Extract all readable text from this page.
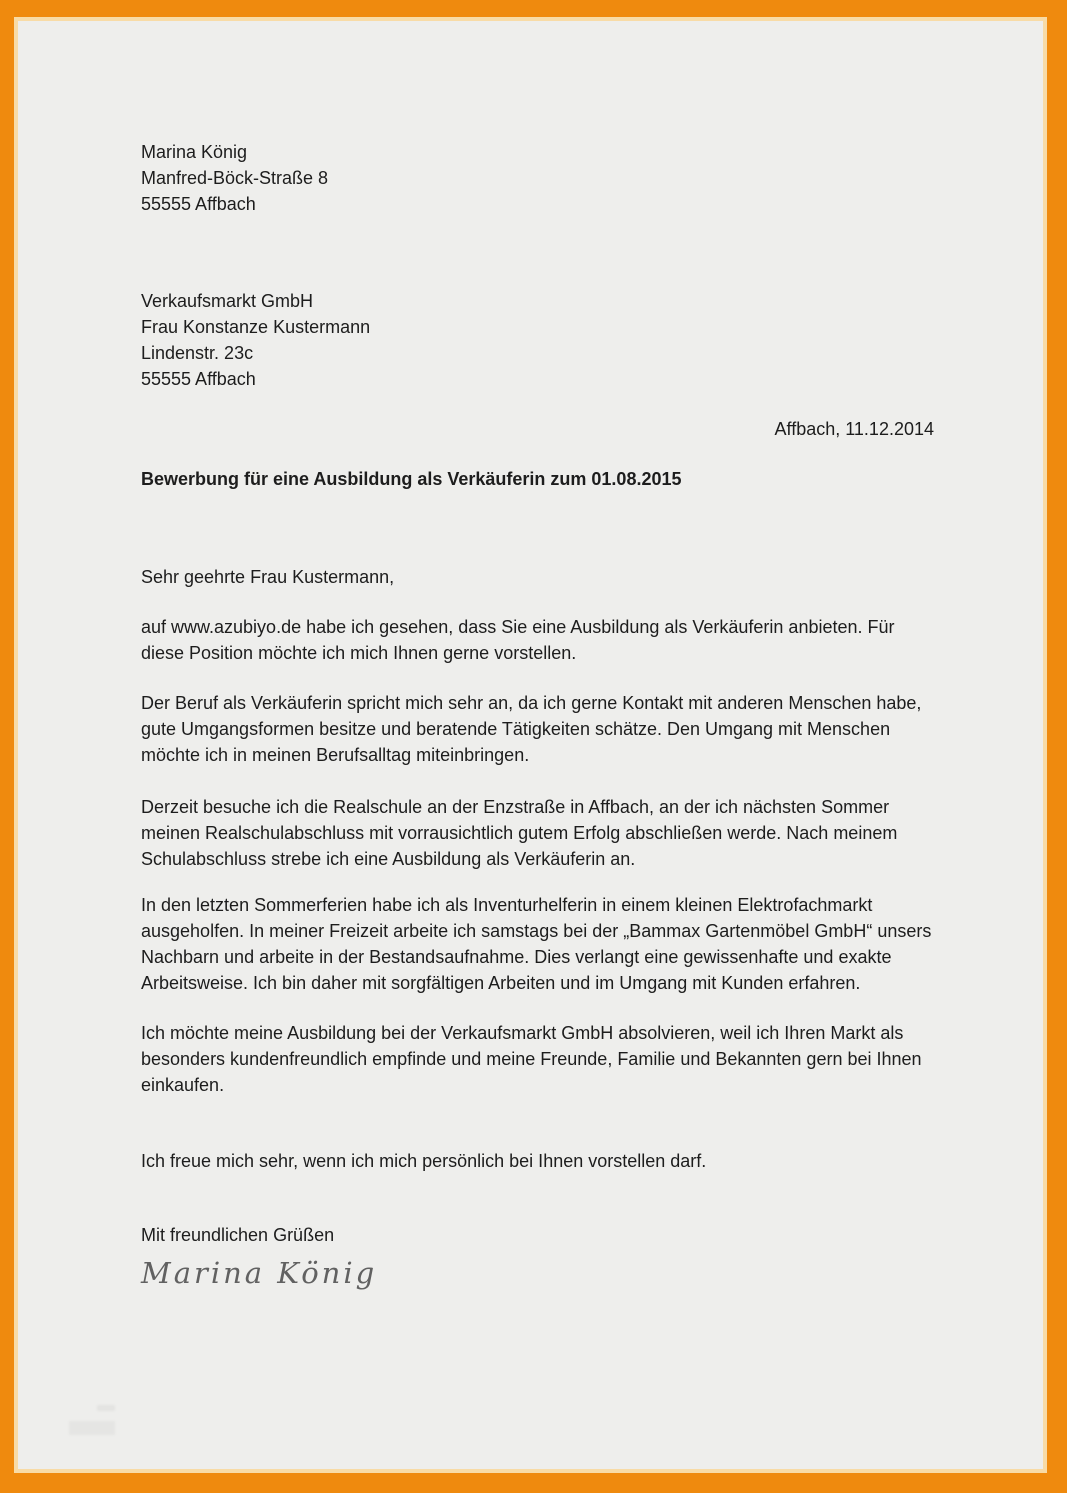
Marina König
Manfred-Böck-Straße 8
55555 Affbach
Verkaufsmarkt GmbH
Frau Konstanze Kustermann
Lindenstr. 23c
55555 Affbach
Affbach, 11.12.2014
Bewerbung für eine Ausbildung als Verkäuferin zum 01.08.2015
Sehr geehrte Frau Kustermann,

auf www.azubiyo.de habe ich gesehen, dass Sie eine Ausbildung als Verkäuferin anbieten. Für diese Position möchte ich mich Ihnen gerne vorstellen.

Der Beruf als Verkäuferin spricht mich sehr an, da ich gerne Kontakt mit anderen Menschen habe, gute Umgangsformen besitze und beratende Tätigkeiten schätze. Den Umgang mit Menschen möchte ich in meinen Berufsalltag miteinbringen.

Derzeit besuche ich die Realschule an der Enzstraße in Affbach, an der ich nächsten Sommer meinen Realschulabschluss mit vorrausichtlich gutem Erfolg abschließen werde. Nach meinem Schulabschluss strebe ich eine Ausbildung als Verkäuferin an.

In den letzten Sommerferien habe ich als Inventurhelferin in einem kleinen Elektrofachmarkt ausgeholfen. In meiner Freizeit arbeite ich samstags bei der „Bammax Gartenmöbel GmbH“ unsers Nachbarn und arbeite in der Bestandsaufnahme. Dies verlangt eine gewissenhafte und exakte Arbeitsweise. Ich bin daher mit sorgfältigen Arbeiten und im Umgang mit Kunden erfahren.

Ich möchte meine Ausbildung bei der Verkaufsmarkt GmbH absolvieren, weil ich Ihren Markt als besonders kundenfreundlich empfinde und meine Freunde, Familie und Bekannten gern bei Ihnen einkaufen.

Ich freue mich sehr, wenn ich mich persönlich bei Ihnen vorstellen darf.

Mit freundlichen Grüßen
Marina König
